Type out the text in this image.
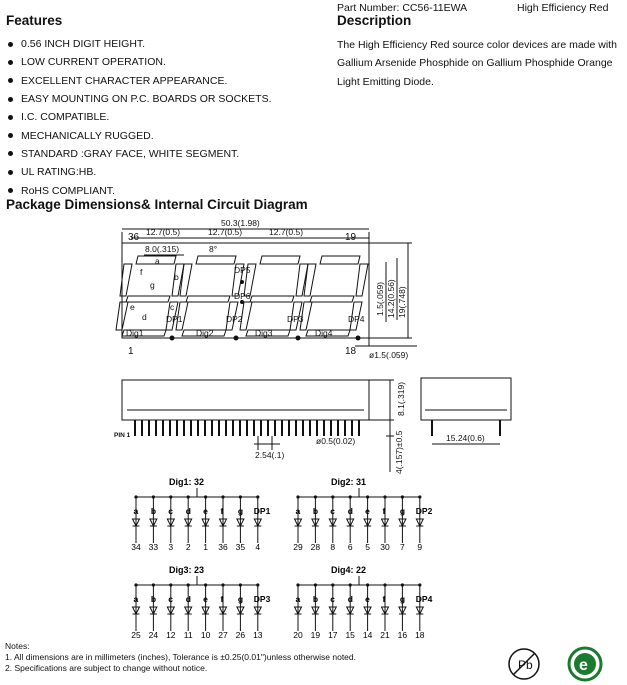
Part Number: CC56-11EWA	High Efficiency Red
Features	Description
0.56 INCH DIGIT HEIGHT.
LOW CURRENT OPERATION.
EXCELLENT CHARACTER APPEARANCE.
EASY MOUNTING ON P.C. BOARDS OR SOCKETS.
I.C. COMPATIBLE.
MECHANICALLY RUGGED.
STANDARD :GRAY FACE, WHITE SEGMENT.
UL RATING:HB.
RoHS COMPLIANT.
The High Efficiency Red source color devices are made with Gallium Arsenide Phosphide on Gallium Phosphide Orange Light Emitting Diode.
Package Dimensions& Internal Circuit Diagram
36	19
1	18
50.3(1.98)
12.7(0.5)	12.7(0.5)	12.7(0.5)
8.0(.315)	8°
ø1.5(.059)
f	b
g
e	c
d
a
Dig1	Dig2	Dig3	Dig4
DP1	DP2	DP3	DP4
DP5
DP6	1.5(.059) 14.2(0.56) 19(.748)
PIN 1
2.54(.1)
ø0.5(0.02)
8.1(.319)
4(.157)±0.5	15.24(0.6)
Dig1: 32
a
34
b
33
c
3
d
2
e
1
f
36
g
35
DP1
4
Dig2: 31
a
29
b
28
c
8
d
6
e
5
f
30
g
7
DP2
9
Dig3: 23
a
25
b
24
c
12
d
11
e
10
f
27
g
26
DP3
13
Dig4: 22
a
20
b
19
c
17
d
15
e
14
f
21
g
16
DP4
18
Notes:
1. All dimensions are in millimeters (inches), Tolerance is ±0.25(0.01")unless otherwise noted.
2. Specifications are subject to change without notice.	Pb	e
